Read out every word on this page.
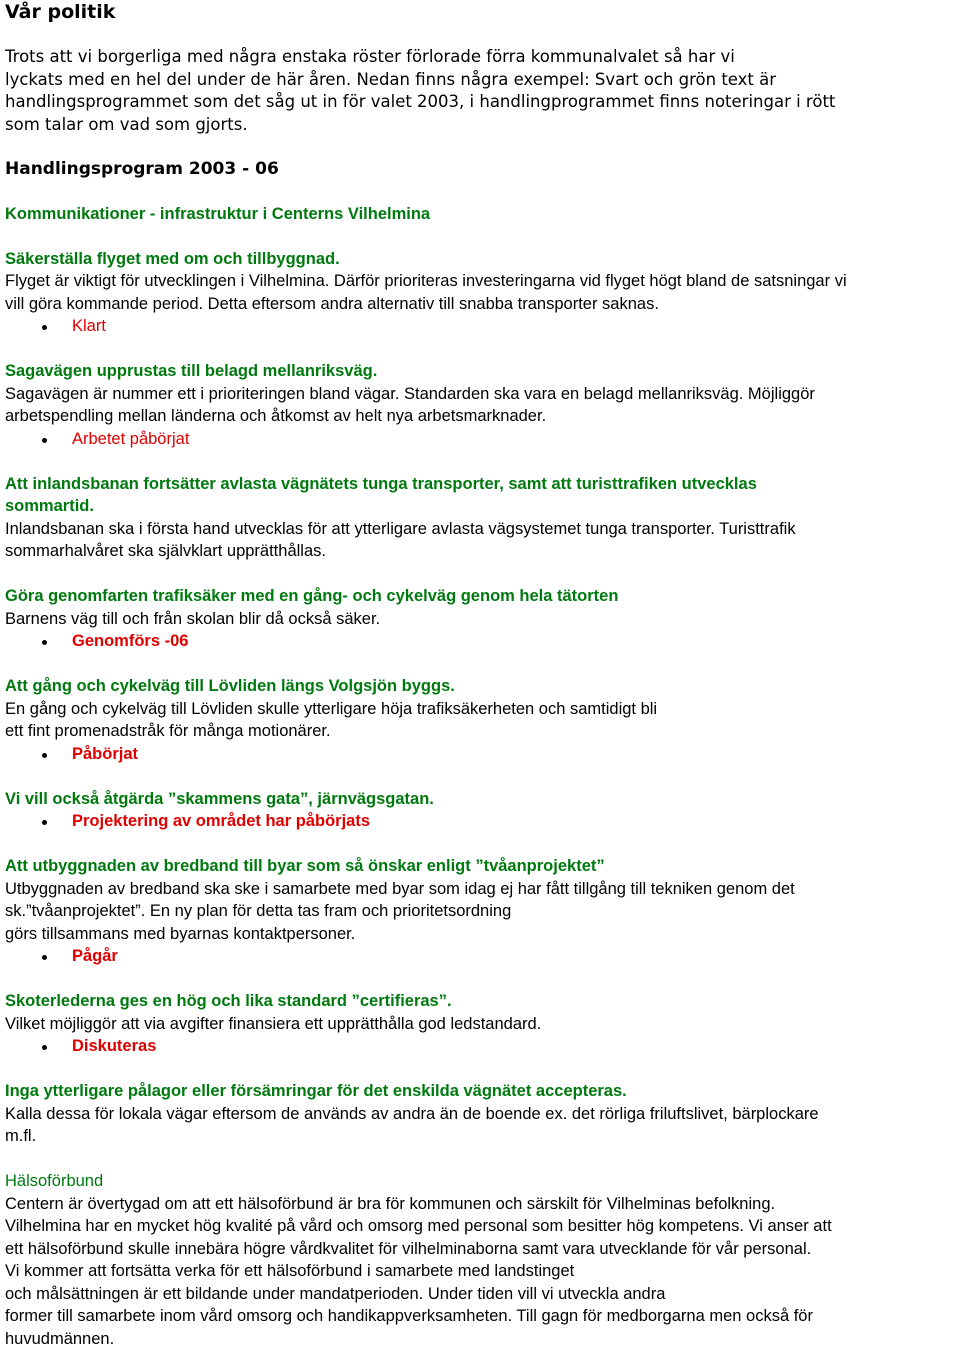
Vår politik
Trots att vi borgerliga med några enstaka röster förlorade förra kommunalvalet så har vi
lyckats med en hel del under de här åren. Nedan finns några exempel: Svart och grön text är
handlingsprogrammet som det såg ut in för valet 2003, i handlingprogrammet finns noteringar i rött
som talar om vad som gjorts.
Handlingsprogram 2003 - 06
Kommunikationer - infrastruktur i Centerns Vilhelmina
Säkerställa flyget med om och tillbyggnad.
Flyget är viktigt för utvecklingen i Vilhelmina. Därför prioriteras investeringarna vid flyget högt bland de satsningar vi
vill göra kommande period. Detta eftersom andra alternativ till snabba transporter saknas.
Klart
Sagavägen upprustas till belagd mellanriksväg.
Sagavägen är nummer ett i prioriteringen bland vägar. Standarden ska vara en belagd mellanriksväg. Möjliggör
arbetspendling mellan länderna och åtkomst av helt nya arbetsmarknader.
Arbetet påbörjat
Att inlandsbanan fortsätter avlasta vägnätets tunga transporter, samt att turisttrafiken utvecklas
sommartid.
Inlandsbanan ska i första hand utvecklas för att ytterligare avlasta vägsystemet tunga transporter. Turisttrafik
sommarhalvåret ska självklart upprätthållas.
Göra genomfarten trafiksäker med en gång- och cykelväg genom hela tätorten
Barnens väg till och från skolan blir då också säker.
Genomförs -06
Att gång och cykelväg till Lövliden längs Volgsjön byggs.
En gång och cykelväg till Lövliden skulle ytterligare höja trafiksäkerheten och samtidigt bli
ett fint promenadstråk för många motionärer.
Påbörjat
Vi vill också åtgärda ”skammens gata”, järnvägsgatan.
Projektering av området har påbörjats
Att utbyggnaden av bredband till byar som så önskar enligt ”tvåanprojektet”
Utbyggnaden av bredband ska ske i samarbete med byar som idag ej har fått tillgång till tekniken genom det
sk.”tvåanprojektet”. En ny plan för detta tas fram och prioritetsordning
görs tillsammans med byarnas kontaktpersoner.
Pågår
Skoterlederna ges en hög och lika standard ”certifieras”.
Vilket möjliggör att via avgifter finansiera ett upprätthålla god ledstandard.
Diskuteras
Inga ytterligare pålagor eller försämringar för det enskilda vägnätet accepteras.
Kalla dessa för lokala vägar eftersom de används av andra än de boende ex. det rörliga friluftslivet, bärplockare
m.fl.
Hälsoförbund
Centern är övertygad om att ett hälsoförbund är bra för kommunen och särskilt för Vilhelminas befolkning.
Vilhelmina har en mycket hög kvalité på vård och omsorg med personal som besitter hög kompetens. Vi anser att
ett hälsoförbund skulle innebära högre vårdkvalitet för vilhelminaborna samt vara utvecklande för vår personal.
Vi kommer att fortsätta verka för ett hälsoförbund i samarbete med landstinget
och målsättningen är ett bildande under mandatperioden. Under tiden vill vi utveckla andra
former till samarbete inom vård omsorg och handikappverksamheten. Till gagn för medborgarna men också för
huvudmännen.
